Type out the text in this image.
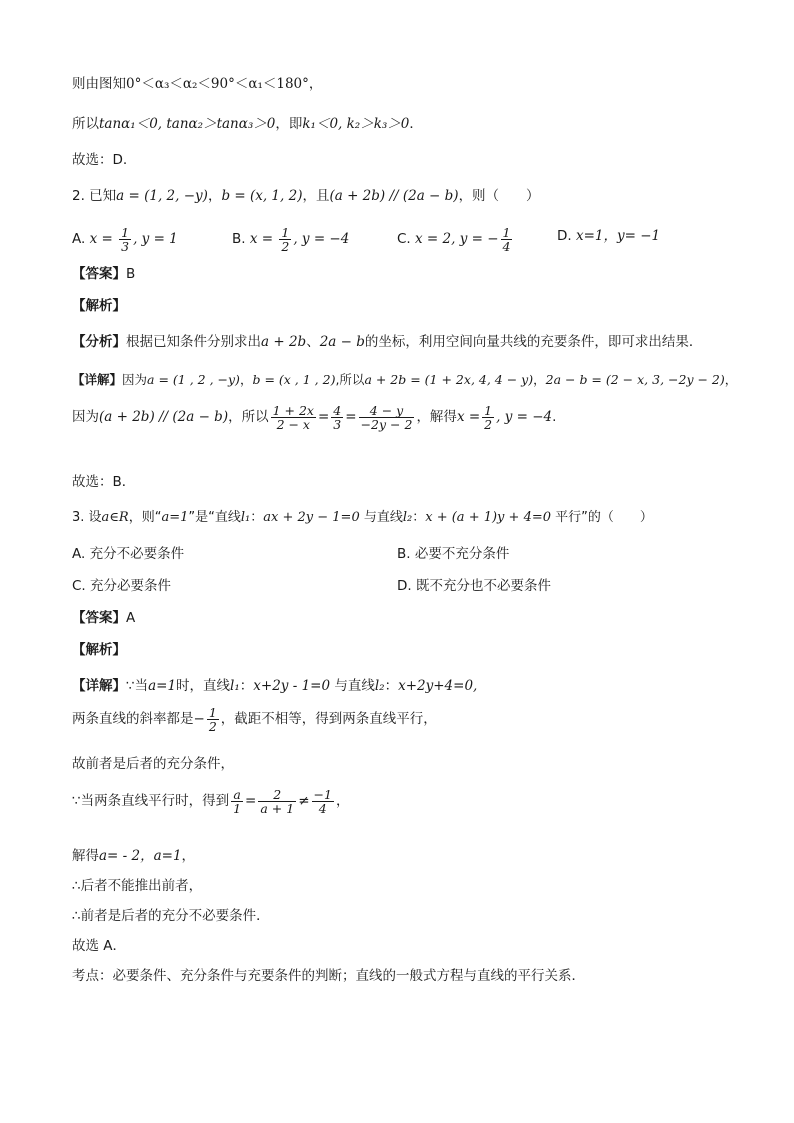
则由图知0°＜α₃＜α₂＜90°＜α₁＜180°，
所以tanα₁＜0, tanα₂＞tanα₃＞0，即k₁＜0, k₂＞k₃＞0．
故选：D.
2. 已知a = (1, 2, −y)，b = (x, 1, 2)，且(a + 2b) // (2a − b)，则（　　）
A. $x = \frac{1}{3}$ , y = 1	B. $x = \frac{1}{2}$ , y = −4	C. x = 2, y = − $\frac{1}{4}$	D. x=1，y= −1
【答案】B
【解析】
【分析】根据已知条件分别求出a + 2b、2a − b的坐标，利用空间向量共线的充要条件，即可求出结果．
【详解】因为a = (1 , 2 , −y)，b = (x , 1 , 2),所以a + 2b = (1 + 2x, 4, 4 − y)，2a − b = (2 − x, 3, −2y − 2)，
因为(a + 2b) // (2a − b)，所以 $\frac{1 + 2x}{2 - x} = \frac{4}{3} = \frac{4 - y}{-2y - 2}$ ，解得$x = \frac{1}{2}$ , y = −4.
故选：B．
3. 设a∈R，则“a=1”是“直线l₁：ax + 2y − 1=0 与直线l₂：x + (a + 1)y + 4=0 平行”的（　　）
A. 充分不必要条件	B. 必要不充分条件
C. 充分必要条件	D. 既不充分也不必要条件
【答案】A
【解析】
【详解】∵当a=1时，直线l₁：x+2y - 1=0 与直线l₂：x+2y+4=0,
两条直线的斜率都是− $\frac{1}{2}$ ，截距不相等，得到两条直线平行，
故前者是后者的充分条件，
∵当两条直线平行时，得到 $\frac{a}{1} = \frac{2}{a + 1} \ne \frac{-1}{4}$ ，
解得a= - 2，a=1，
∴后者不能推出前者，
∴前者是后者的充分不必要条件．
故选 A．
考点：必要条件、充分条件与充要条件的判断；直线的一般式方程与直线的平行关系．
